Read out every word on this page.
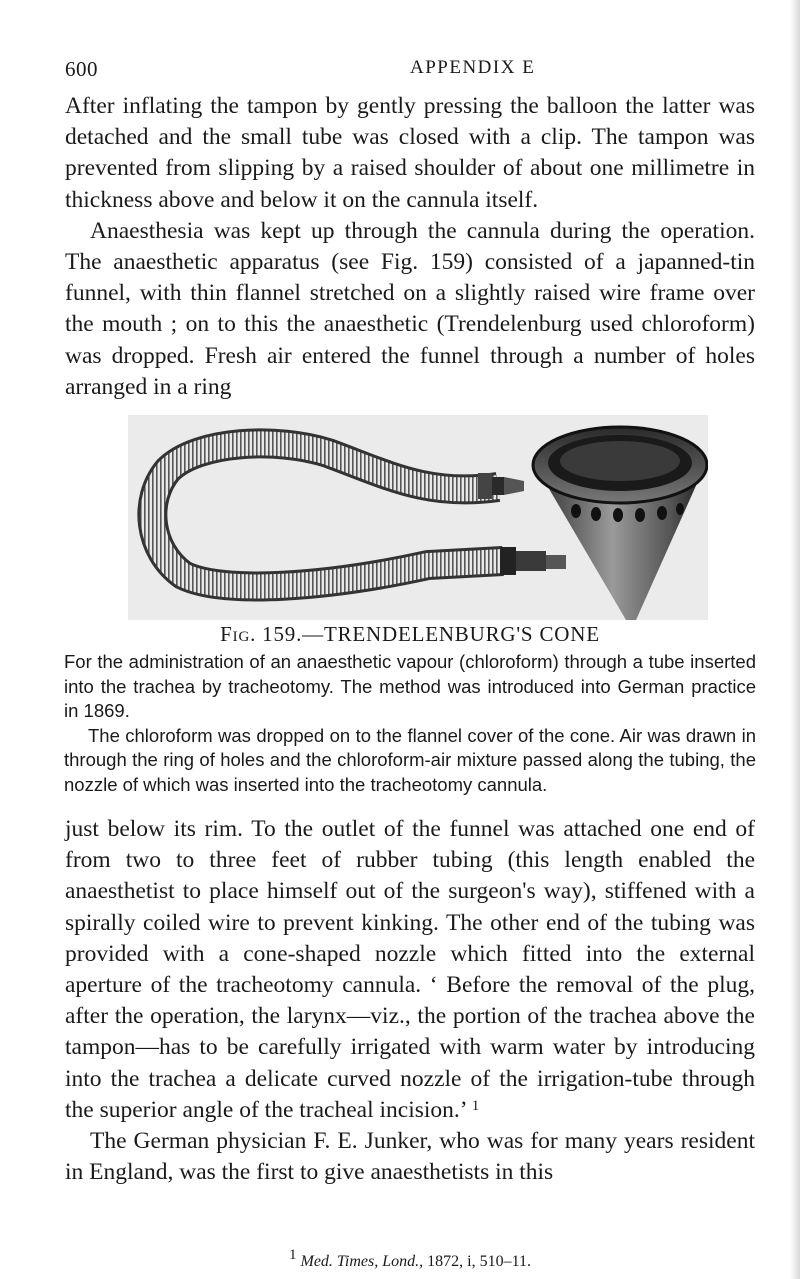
600	APPENDIX E

After inflating the tampon by gently pressing the balloon the latter was detached and the small tube was closed with a clip. The tampon was prevented from slipping by a raised shoulder of about one millimetre in thickness above and below it on the cannula itself.

Anaesthesia was kept up through the cannula during the operation. The anaesthetic apparatus (see Fig. 159) consisted of a japanned-tin funnel, with thin flannel stretched on a slightly raised wire frame over the mouth ; on to this the anaesthetic (Trendelenburg used chloroform) was dropped. Fresh air entered the funnel through a number of holes arranged in a ring

Fig. 159.—TRENDELENBURG'S CONE

For the administration of an anaesthetic vapour (chloroform) through a tube inserted into the trachea by tracheotomy. The method was introduced into German practice in 1869.

The chloroform was dropped on to the flannel cover of the cone. Air was drawn in through the ring of holes and the chloroform-air mixture passed along the tubing, the nozzle of which was inserted into the tracheotomy cannula.

just below its rim. To the outlet of the funnel was attached one end of from two to three feet of rubber tubing (this length enabled the anaesthetist to place himself out of the surgeon's way), stiffened with a spirally coiled wire to prevent kinking. The other end of the tubing was provided with a cone-shaped nozzle which fitted into the external aperture of the tracheotomy cannula. ‘ Before the removal of the plug, after the operation, the larynx—viz., the portion of the trachea above the tampon—has to be carefully irrigated with warm water by introducing into the trachea a delicate curved nozzle of the irrigation-tube through the superior angle of the tracheal incision.’ $^1$

The German physician F. E. Junker, who was for many years resident in England, was the first to give anaesthetists in this

$^1$ Med. Times, Lond., 1872, i, 510–11.
